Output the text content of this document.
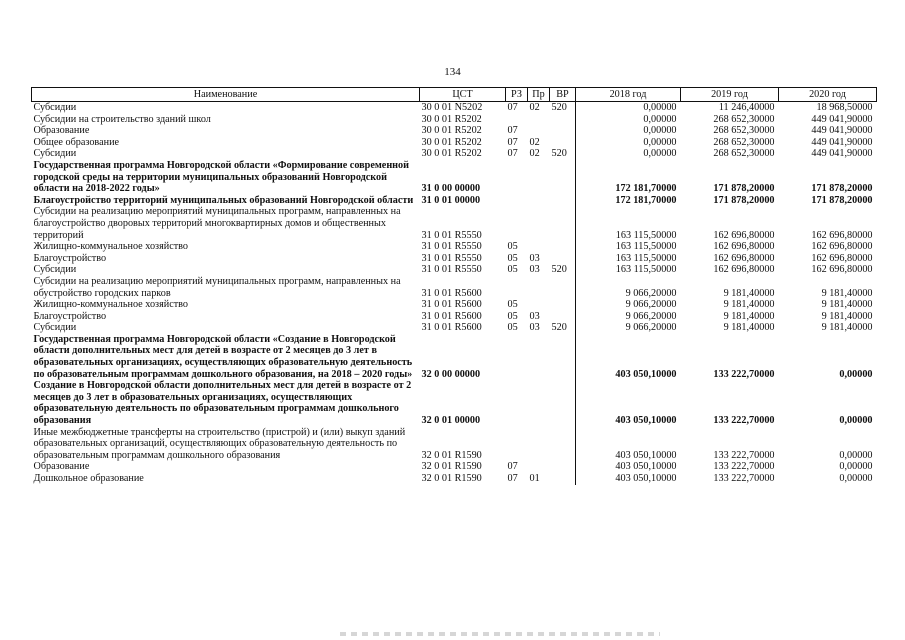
134
Наименование	ЦСТ	РЗ	Пр	ВР	2018 год	2019 год	2020 год
Субсидии	30 0 01 N5202	07	02	520	0,00000	11 246,40000	18 968,50000
Субсидии на строительство зданий школ	30 0 01 R5202				0,00000	268 652,30000	449 041,90000
Образование	30 0 01 R5202	07			0,00000	268 652,30000	449 041,90000
Общее образование	30 0 01 R5202	07	02		0,00000	268 652,30000	449 041,90000
Субсидии	30 0 01 R5202	07	02	520	0,00000	268 652,30000	449 041,90000
Государственная программа Новгородской области «Формирование современной городской среды на территории муниципальных образований Новгородской области на 2018-2022 годы»	31 0 00 00000				172 181,70000	171 878,20000	171 878,20000
Благоустройство территорий муниципальных образований Новгородской области	31 0 01 00000				172 181,70000	171 878,20000	171 878,20000
Субсидии на реализацию мероприятий муниципальных программ, направленных на благоустройство дворовых территорий многоквартирных домов и общественных территорий	31 0 01 R5550				163 115,50000	162 696,80000	162 696,80000
Жилищно-коммунальное хозяйство	31 0 01 R5550	05			163 115,50000	162 696,80000	162 696,80000
Благоустройство	31 0 01 R5550	05	03		163 115,50000	162 696,80000	162 696,80000
Субсидии	31 0 01 R5550	05	03	520	163 115,50000	162 696,80000	162 696,80000
Субсидии на реализацию мероприятий муниципальных программ, направленных на обустройство городских парков	31 0 01 R5600				9 066,20000	9 181,40000	9 181,40000
Жилищно-коммунальное хозяйство	31 0 01 R5600	05			9 066,20000	9 181,40000	9 181,40000
Благоустройство	31 0 01 R5600	05	03		9 066,20000	9 181,40000	9 181,40000
Субсидии	31 0 01 R5600	05	03	520	9 066,20000	9 181,40000	9 181,40000
Государственная программа Новгородской области «Создание в Новгородской области дополнительных мест для детей в возрасте от 2 месяцев до 3 лет в образовательных организациях, осуществляющих образовательную деятельность по образовательным программам дошкольного образования, на 2018 – 2020 годы»	32 0 00 00000				403 050,10000	133 222,70000	0,00000
Создание в Новгородской области дополнительных мест для детей в возрасте от 2 месяцев до 3 лет в образовательных организациях, осуществляющих образовательную деятельность по образовательным программам дошкольного образования	32 0 01 00000				403 050,10000	133 222,70000	0,00000
Иные межбюджетные трансферты на строительство (пристрой) и (или) выкуп зданий образовательных организаций, осуществляющих образовательную деятельность по образовательным программам дошкольного образования	32 0 01 R1590				403 050,10000	133 222,70000	0,00000
Образование	32 0 01 R1590	07			403 050,10000	133 222,70000	0,00000
Дошкольное образование	32 0 01 R1590	07	01		403 050,10000	133 222,70000	0,00000
